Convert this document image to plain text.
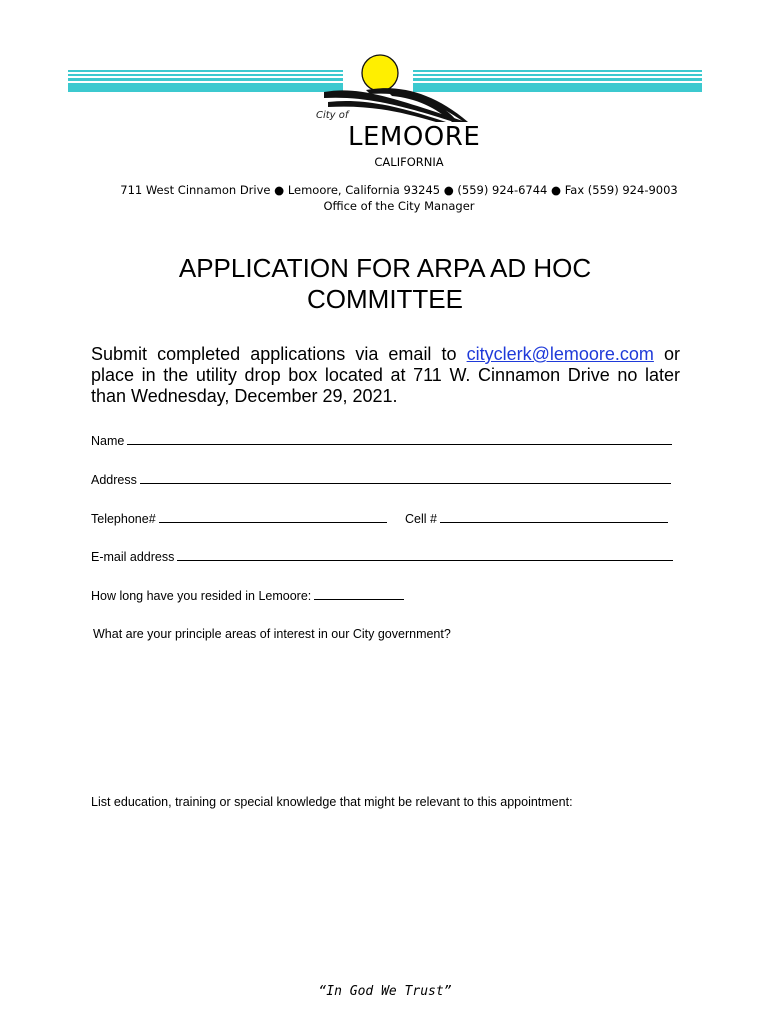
City of
LEMOORE
CALIFORNIA
711 West Cinnamon Drive ● Lemoore, California 93245 ● (559) 924-6744 ● Fax (559) 924-9003
Office of the City Manager
APPLICATION FOR ARPA AD HOC
COMMITTEE
Submit completed applications via email to cityclerk@lemoore.com or place in the utility drop box located at 711 W. Cinnamon Drive no later than Wednesday, December 29, 2021.
Name
Address
Telephone#	Cell #
E-mail address
How long have you resided in Lemoore:
What are your principle areas of interest in our City government?
List education, training or special knowledge that might be relevant to this appointment:
“In God We Trust”
